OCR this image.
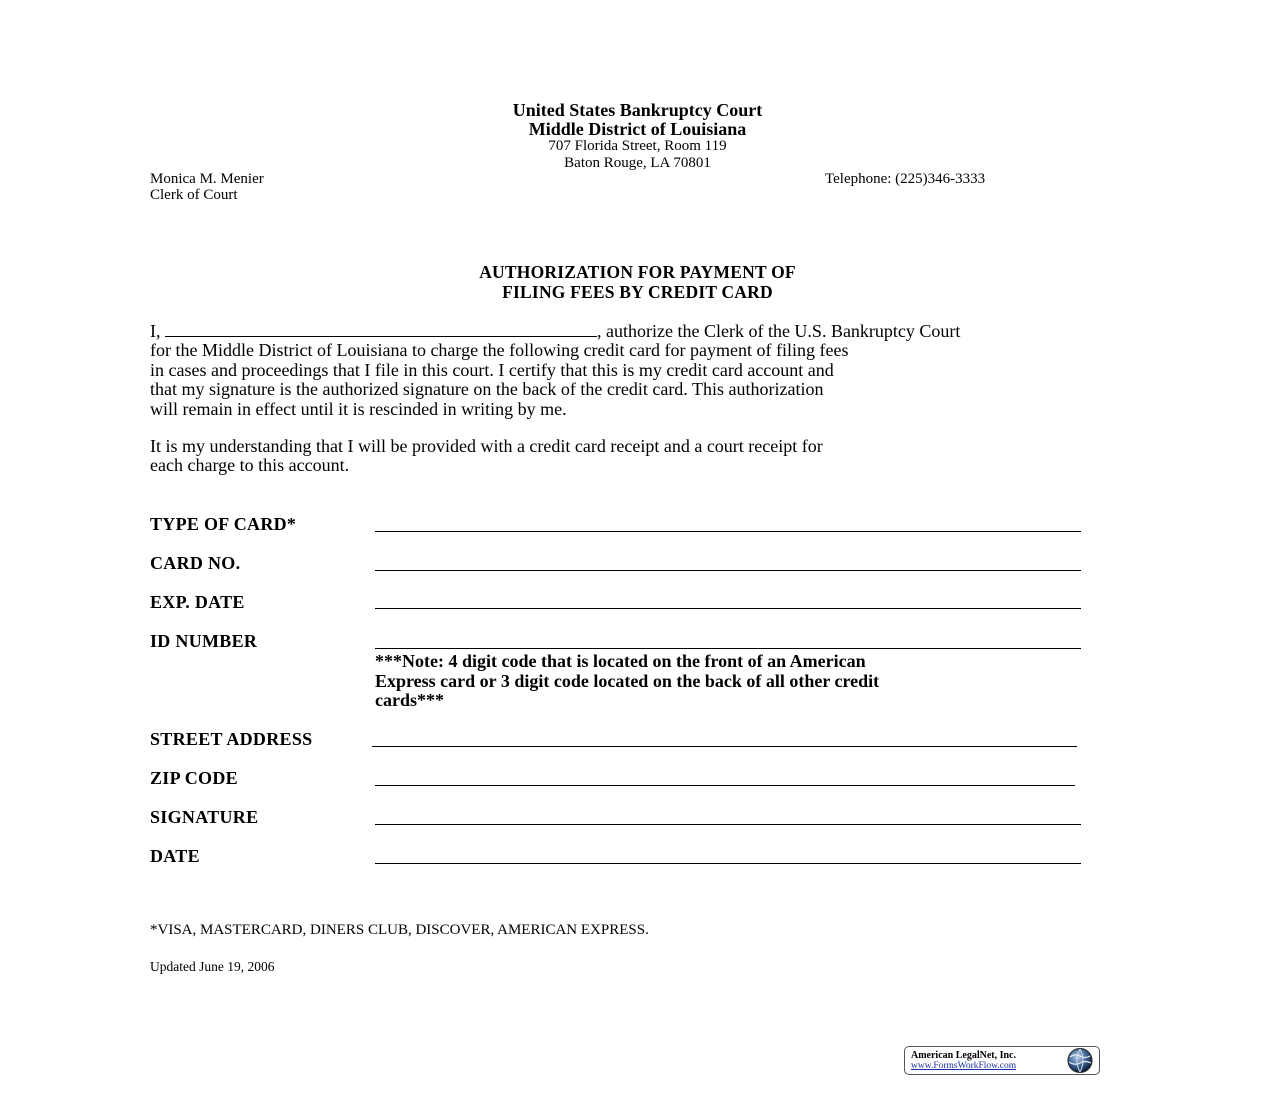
United States Bankruptcy Court
Middle District of Louisiana
707 Florida Street, Room 119
Baton Rouge, LA 70801
Monica M. Menier
Clerk of Court
Telephone: (225)346-3333
AUTHORIZATION FOR PAYMENT OF
FILING FEES BY CREDIT CARD

I,	, authorize the Clerk of the U.S. Bankruptcy Court

for the Middle District of Louisiana to charge the following credit card for payment of filing fees

in cases and proceedings that I file in this court. I certify that this is my credit card account and

that my signature is the authorized signature on the back of the credit card. This authorization

will remain in effect until it is rescinded in writing by me.

It is my understanding that I will be provided with a credit card receipt and a court receipt for

each charge to this account.

TYPE OF CARD*
CARD NO.
EXP. DATE
ID NUMBER

***Note: 4 digit code that is located on the front of an American

Express card or 3 digit code located on the back of all other credit

cards***

STREET ADDRESS
ZIP CODE
SIGNATURE
DATE
*VISA, MASTERCARD, DINERS CLUB, DISCOVER, AMERICAN EXPRESS.
Updated June 19, 2006
American LegalNet, Inc.
www.FormsWorkFlow.com
